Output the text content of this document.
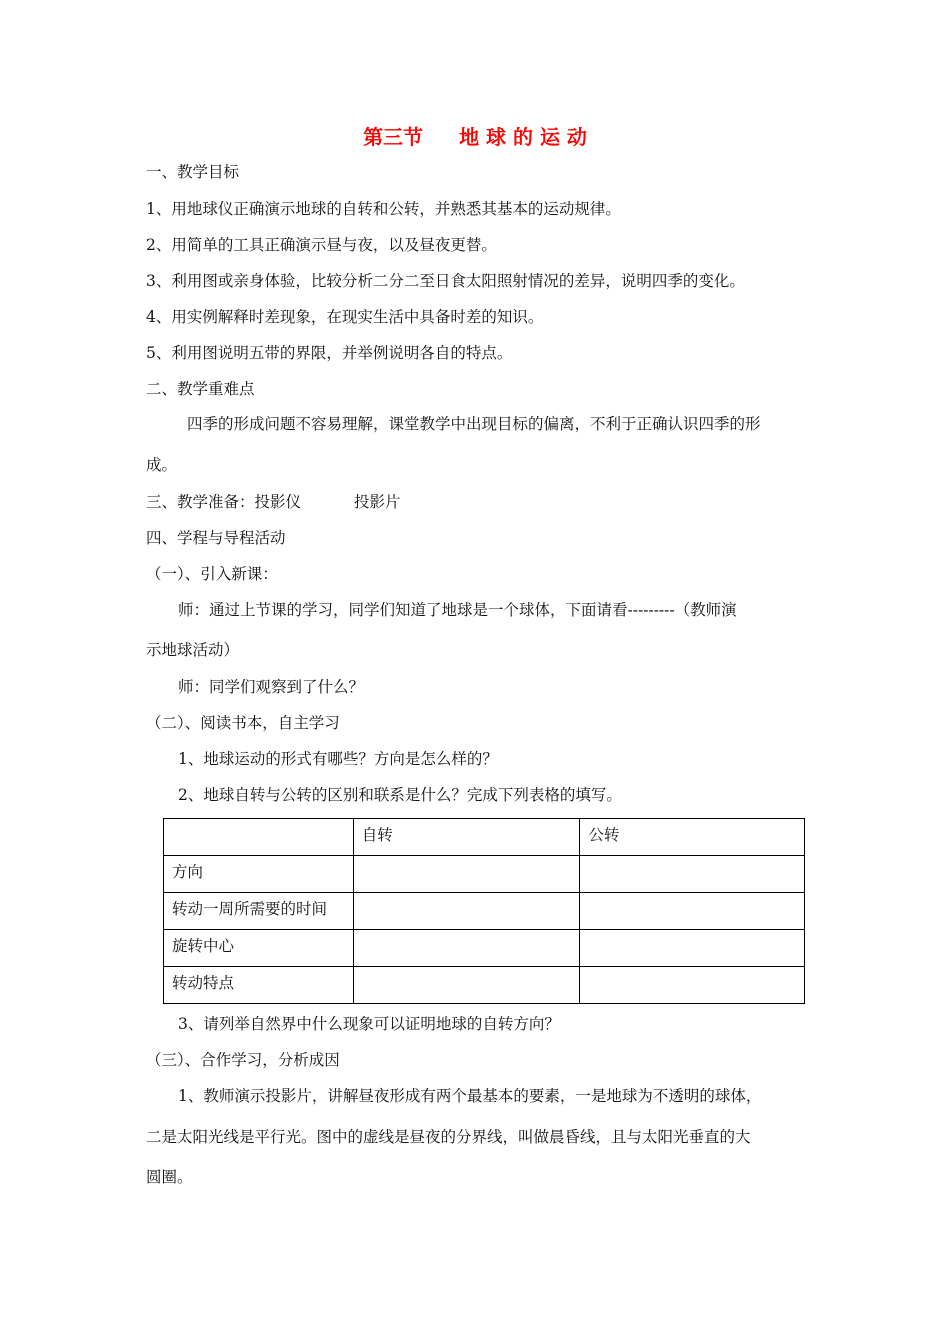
第三节 地 球 的 运 动
一、教学目标
1、用地球仪正确演示地球的自转和公转，并熟悉其基本的运动规律。
2、用简单的工具正确演示昼与夜，以及昼夜更替。
3、利用图或亲身体验，比较分析二分二至日食太阳照射情况的差异，说明四季的变化。
4、用实例解释时差现象，在现实生活中具备时差的知识。
5、利用图说明五带的界限，并举例说明各自的特点。
二、教学重难点
四季的形成问题不容易理解，课堂教学中出现目标的偏离，不利于正确认识四季的形
成。
三、教学准备：投影仪	投影片
四、学程与导程活动
（一）、引入新课：
师：通过上节课的学习，同学们知道了地球是一个球体，下面请看---------（教师演
示地球活动）
师：同学们观察到了什么？
（二）、阅读书本，自主学习
1、地球运动的形式有哪些？方向是怎么样的？
2、地球自转与公转的区别和联系是什么？完成下列表格的填写。
	自转	公转
方向		
转动一周所需要的时间		
旋转中心		
转动特点		
3、请列举自然界中什么现象可以证明地球的自转方向？
（三）、合作学习，分析成因
1、教师演示投影片，讲解昼夜形成有两个最基本的要素，一是地球为不透明的球体，
二是太阳光线是平行光。图中的虚线是昼夜的分界线，叫做晨昏线，且与太阳光垂直的大
圆圈。
